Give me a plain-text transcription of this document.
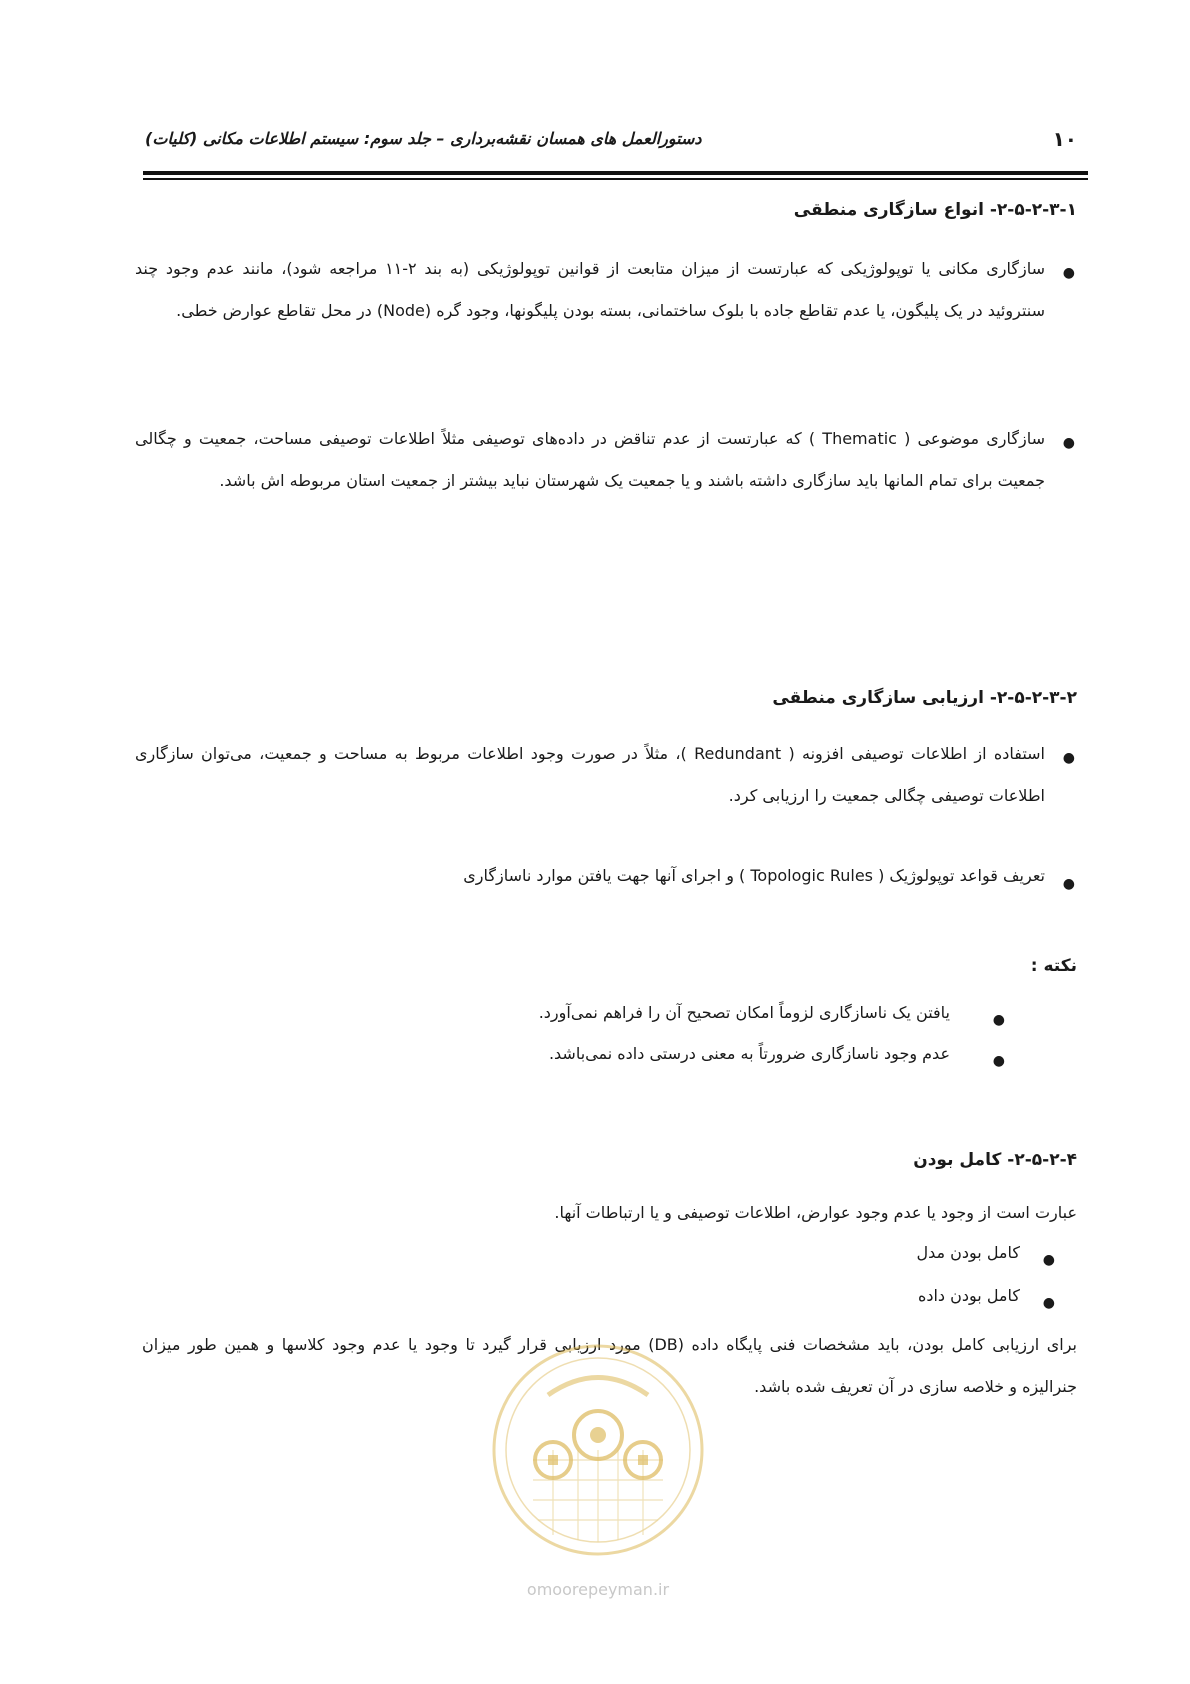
۱۰
دستورالعمل های همسان نقشه‌برداری – جلد سوم: سیستم اطلاعات مکانی (کلیات)
۲-۵-۲-۳-۱- انواع سازگاری منطقی
●
سازگاری مکانی یا توپولوژیکی که عبارتست از میزان متابعت از قوانین توپولوژیکی (به بند ۲-۱۱ مراجعه شود)، مانند عدم وجود چند سنتروئید در یک پلیگون، یا عدم تقاطع جاده با بلوک ساختمانی، بسته بودن پلیگونها، وجود گره (Node) در محل تقاطع عوارض خطی.
●
سازگاری موضوعی ( Thematic ) که عبارتست از عدم تناقض در داده‌های توصیفی مثلاً اطلاعات توصیفی مساحت، جمعیت و چگالی جمعیت برای تمام المانها باید سازگاری داشته باشند و یا جمعیت یک شهرستان نباید بیشتر از جمعیت استان مربوطه اش باشد.
۲-۵-۲-۳-۲- ارزیابی سازگاری منطقی
●
استفاده از اطلاعات توصیفی افزونه ( Redundant )، مثلاً در صورت وجود اطلاعات مربوط به مساحت و جمعیت، می‌توان سازگاری اطلاعات توصیفی چگالی جمعیت را ارزیابی کرد.
●
تعریف قواعد توپولوژیک ( Topologic Rules ) و اجرای آنها جهت یافتن موارد ناسازگاری
نکته :
●
یافتن یک ناسازگاری لزوماً امکان تصحیح آن را فراهم نمی‌آورد.
●
عدم وجود ناسازگاری ضرورتاً به معنی درستی داده نمی‌باشد.
۲-۵-۲-۴- کامل بودن
عبارت است از وجود یا عدم وجود عوارض، اطلاعات توصیفی و یا ارتباطات آنها.
●
کامل بودن مدل
●
کامل بودن داده
برای ارزیابی کامل بودن، باید مشخصات فنی پایگاه داده (DB) مورد ارزیابی قرار گیرد تا وجود یا عدم وجود کلاسها و همین طور میزان جنرالیزه و خلاصه سازی در آن تعریف شده باشد.
omoorepeyman.ir
